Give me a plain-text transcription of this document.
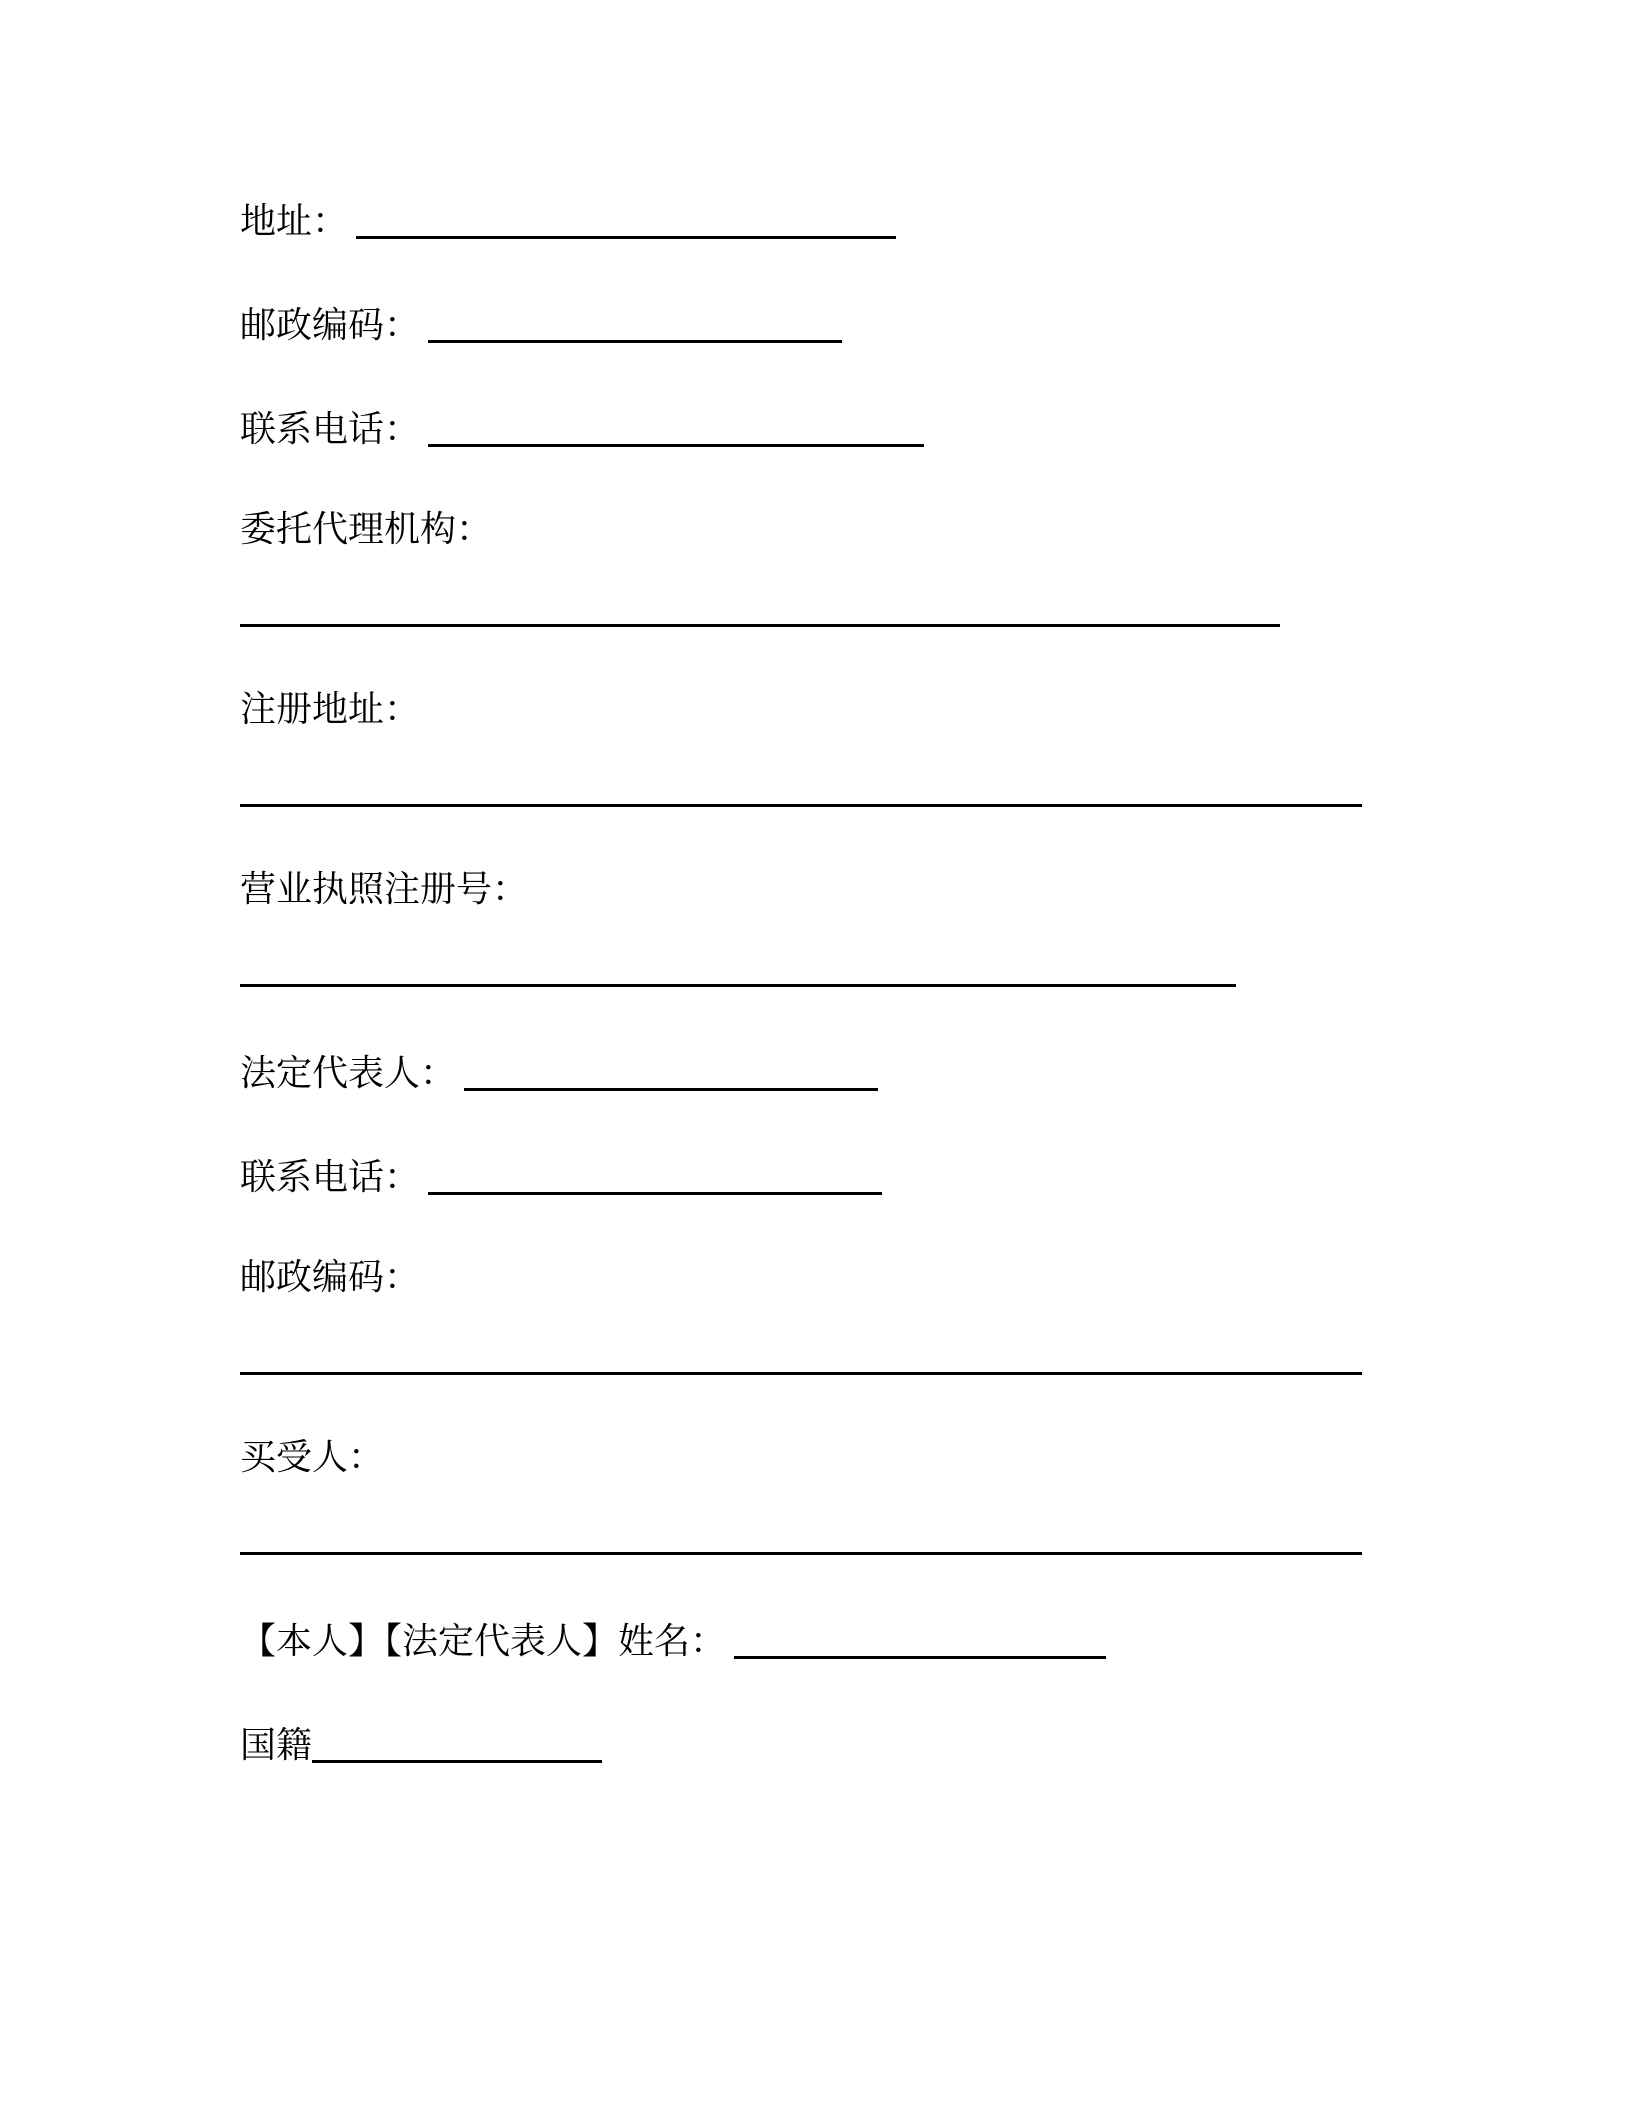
地址：
邮政编码：
联系电话：
委托代理机构：
注册地址：
营业执照注册号：
法定代表人：
联系电话：
邮政编码：
买受人：
【本人】【法定代表人】姓名：
国籍
